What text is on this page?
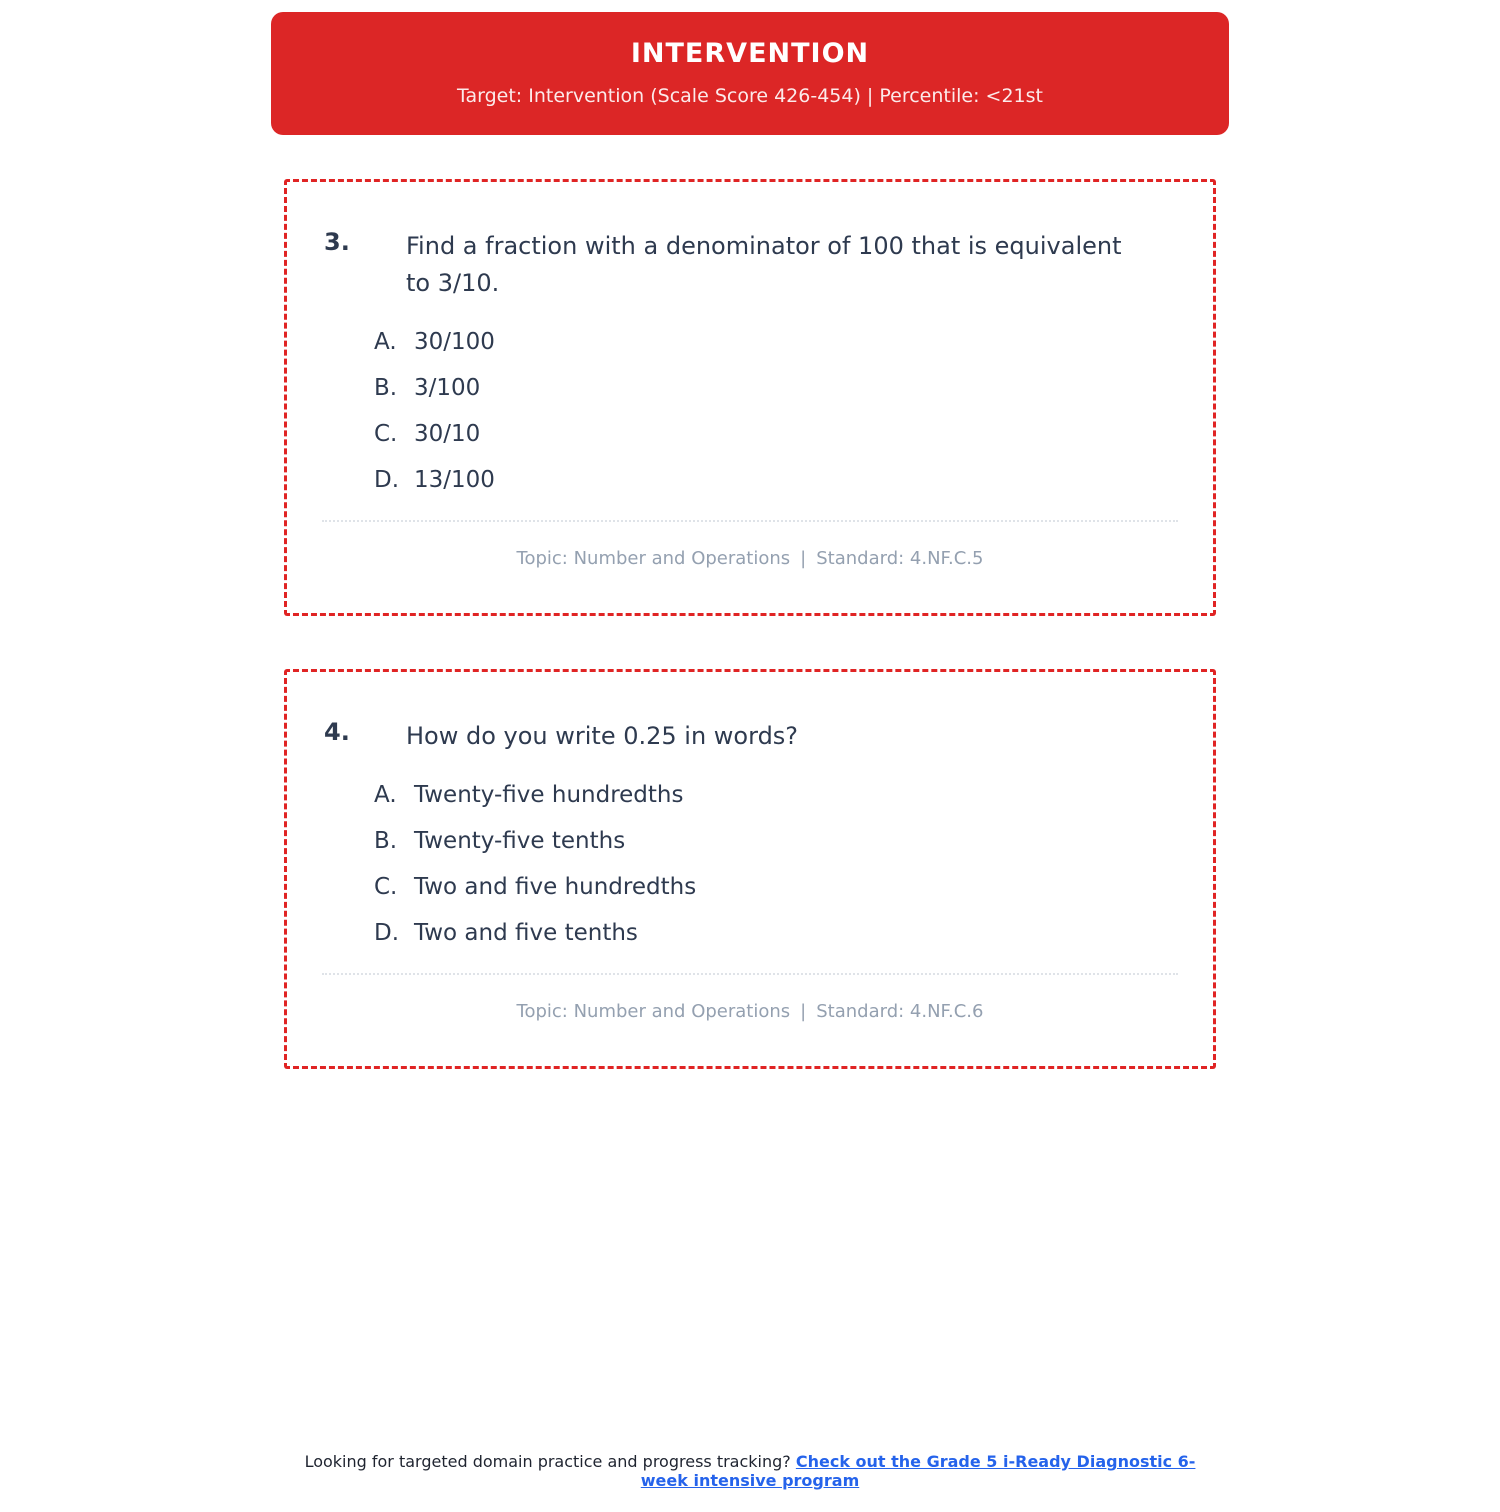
INTERVENTION
Target: Intervention (Scale Score 426-454) | Percentile: <21st
3.	Find a fraction with a denominator of 100 that is equivalent to 3/10.
A. 30/100
B. 3/100
C. 30/10
D. 13/100
Topic: Number and Operations | Standard: 4.NF.C.5
4.	How do you write 0.25 in words?
A. Twenty-five hundredths
B. Twenty-five tenths
C. Two and five hundredths
D. Two and five tenths
Topic: Number and Operations | Standard: 4.NF.C.6
Looking for targeted domain practice and progress tracking? Check out the Grade 5 i-Ready Diagnostic 6-week intensive program
